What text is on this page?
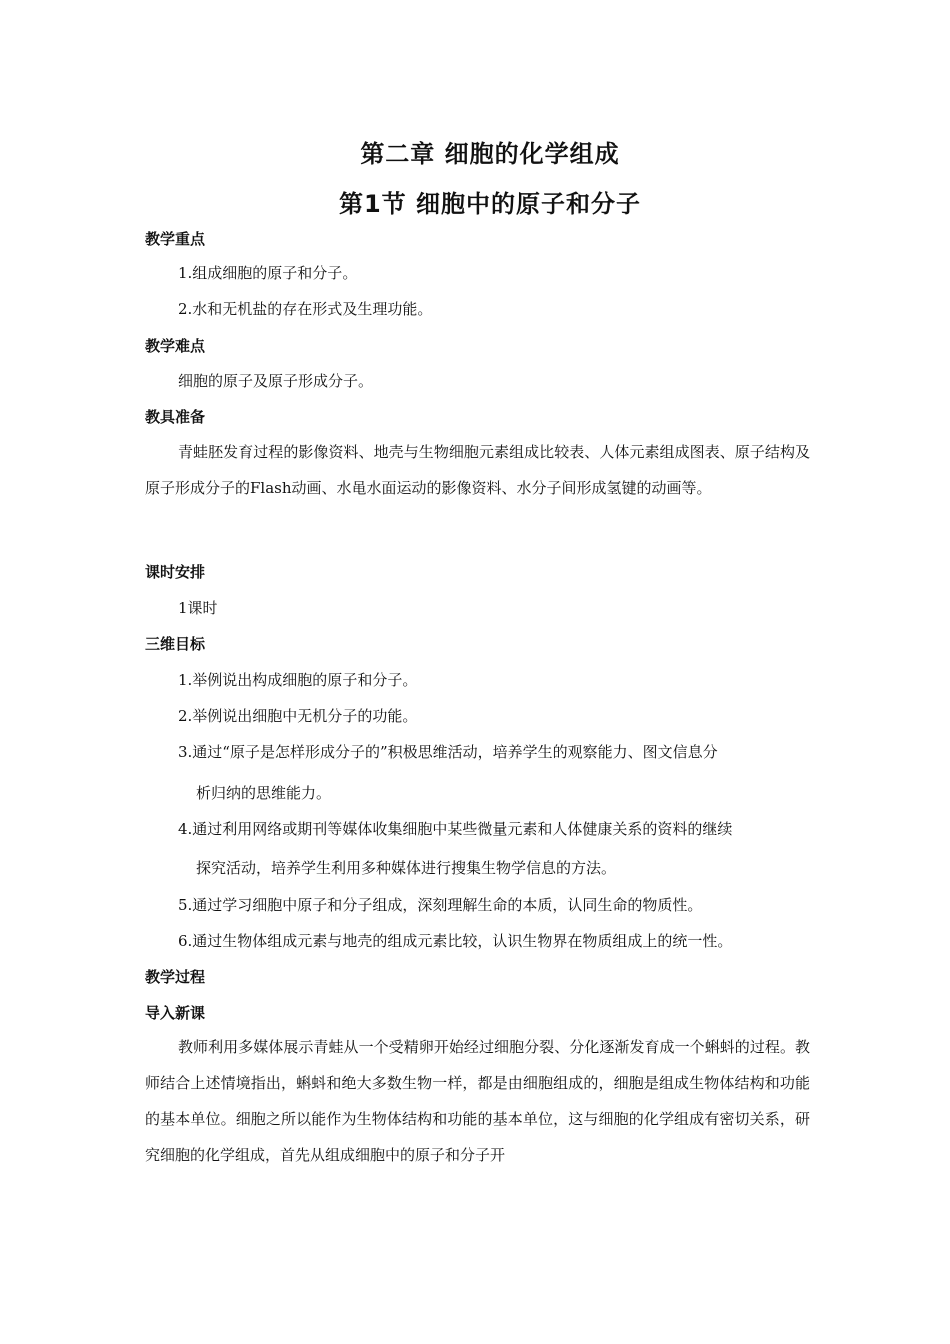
第二章 细胞的化学组成
第1节 细胞中的原子和分子
教学重点
1.组成细胞的原子和分子。
2.水和无机盐的存在形式及生理功能。
教学难点
细胞的原子及原子形成分子。
教具准备
青蛙胚发育过程的影像资料、地壳与生物细胞元素组成比较表、人体元素组成图表、原子结构及原子形成分子的Flash动画、水黾水面运动的影像资料、水分子间形成氢键的动画等。
课时安排
1课时
三维目标
1.举例说出构成细胞的原子和分子。
2.举例说出细胞中无机分子的功能。
3.通过“原子是怎样形成分子的”积极思维活动，培养学生的观察能力、图文信息分
析归纳的思维能力。
4.通过利用网络或期刊等媒体收集细胞中某些微量元素和人体健康关系的资料的继续
探究活动，培养学生利用多种媒体进行搜集生物学信息的方法。
5.通过学习细胞中原子和分子组成，深刻理解生命的本质，认同生命的物质性。
6.通过生物体组成元素与地壳的组成元素比较，认识生物界在物质组成上的统一性。
教学过程
导入新课
教师利用多媒体展示青蛙从一个受精卵开始经过细胞分裂、分化逐渐发育成一个蝌蚪的过程。教师结合上述情境指出，蝌蚪和绝大多数生物一样，都是由细胞组成的，细胞是组成生物体结构和功能的基本单位。细胞之所以能作为生物体结构和功能的基本单位，这与细胞的化学组成有密切关系，研究细胞的化学组成，首先从组成细胞中的原子和分子开
